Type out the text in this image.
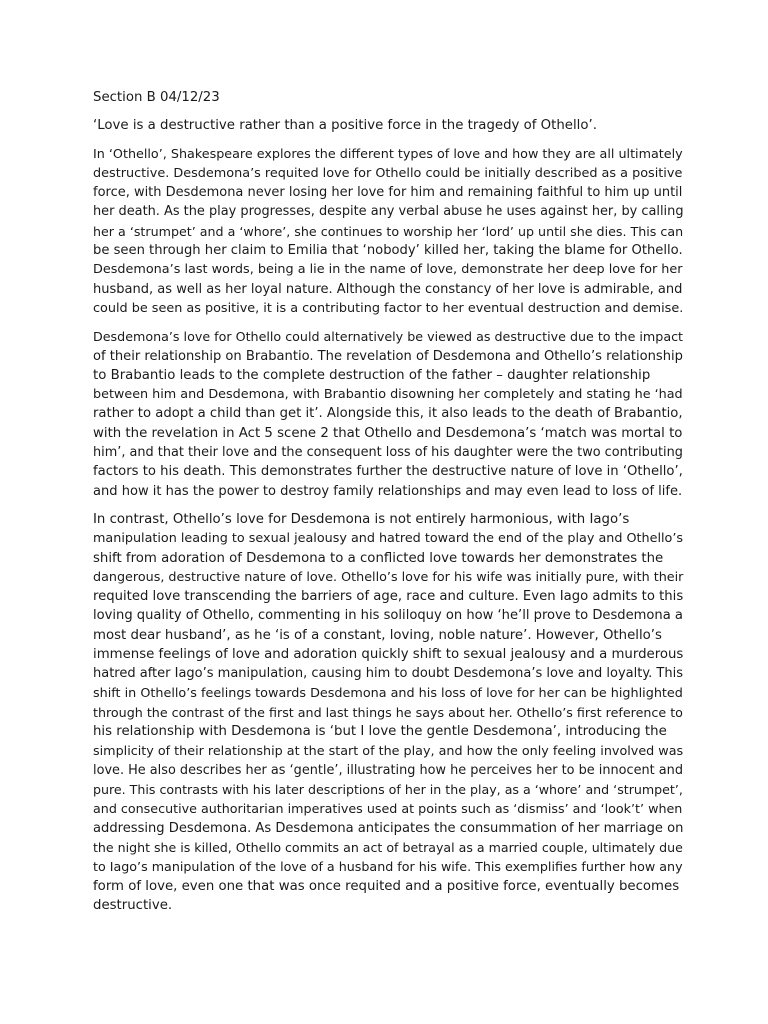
Section B 04/12/23
‘Love is a destructive rather than a positive force in the tragedy of Othello’.
In ‘Othello’, Shakespeare explores the different types of love and how they are all ultimately
destructive. Desdemona’s requited love for Othello could be initially described as a positive
force, with Desdemona never losing her love for him and remaining faithful to him up until
her death. As the play progresses, despite any verbal abuse he uses against her, by calling
her a ‘strumpet’ and a ‘whore’, she continues to worship her ‘lord’ up until she dies. This can
be seen through her claim to Emilia that ‘nobody’ killed her, taking the blame for Othello.
Desdemona’s last words, being a lie in the name of love, demonstrate her deep love for her
husband, as well as her loyal nature. Although the constancy of her love is admirable, and
could be seen as positive, it is a contributing factor to her eventual destruction and demise.
Desdemona’s love for Othello could alternatively be viewed as destructive due to the impact
of their relationship on Brabantio. The revelation of Desdemona and Othello’s relationship
to Brabantio leads to the complete destruction of the father – daughter relationship
between him and Desdemona, with Brabantio disowning her completely and stating he ‘had
rather to adopt a child than get it’. Alongside this, it also leads to the death of Brabantio,
with the revelation in Act 5 scene 2 that Othello and Desdemona’s ‘match was mortal to
him’, and that their love and the consequent loss of his daughter were the two contributing
factors to his death. This demonstrates further the destructive nature of love in ‘Othello’,
and how it has the power to destroy family relationships and may even lead to loss of life.
In contrast, Othello’s love for Desdemona is not entirely harmonious, with Iago’s
manipulation leading to sexual jealousy and hatred toward the end of the play and Othello’s
shift from adoration of Desdemona to a conflicted love towards her demonstrates the
dangerous, destructive nature of love. Othello’s love for his wife was initially pure, with their
requited love transcending the barriers of age, race and culture. Even Iago admits to this
loving quality of Othello, commenting in his soliloquy on how ‘he’ll prove to Desdemona a
most dear husband’, as he ‘is of a constant, loving, noble nature’. However, Othello’s
immense feelings of love and adoration quickly shift to sexual jealousy and a murderous
hatred after Iago’s manipulation, causing him to doubt Desdemona’s love and loyalty. This
shift in Othello’s feelings towards Desdemona and his loss of love for her can be highlighted
through the contrast of the first and last things he says about her. Othello’s first reference to
his relationship with Desdemona is ‘but I love the gentle Desdemona’, introducing the
simplicity of their relationship at the start of the play, and how the only feeling involved was
love. He also describes her as ‘gentle’, illustrating how he perceives her to be innocent and
pure. This contrasts with his later descriptions of her in the play, as a ‘whore’ and ‘strumpet’,
and consecutive authoritarian imperatives used at points such as ‘dismiss’ and ‘look’t’ when
addressing Desdemona. As Desdemona anticipates the consummation of her marriage on
the night she is killed, Othello commits an act of betrayal as a married couple, ultimately due
to Iago’s manipulation of the love of a husband for his wife. This exemplifies further how any
form of love, even one that was once requited and a positive force, eventually becomes
destructive.
